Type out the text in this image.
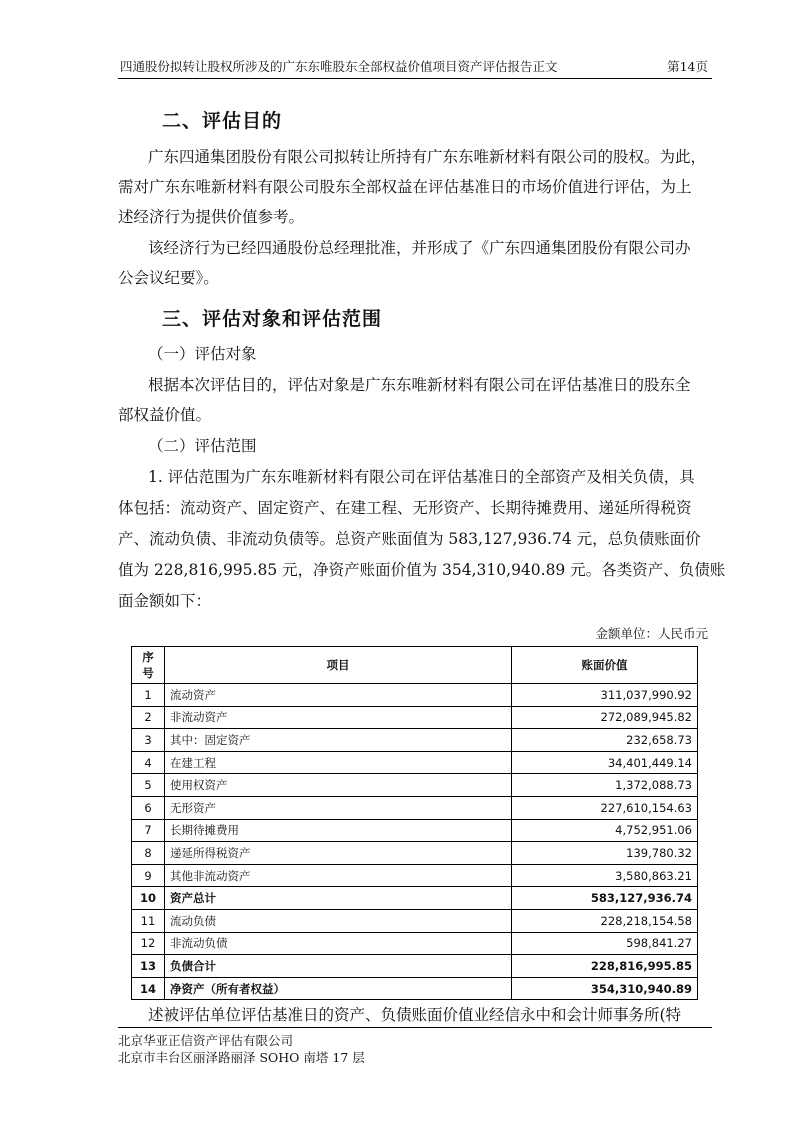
四通股份拟转让股权所涉及的广东东唯股东全部权益价值项目资产评估报告正文	第14页
二、评估目的

广东四通集团股份有限公司拟转让所持有广东东唯新材料有限公司的股权。为此，

需对广东东唯新材料有限公司股东全部权益在评估基准日的市场价值进行评估，为上

述经济行为提供价值参考。

该经济行为已经四通股份总经理批准，并形成了《广东四通集团股份有限公司办

公会议纪要》。

三、评估对象和评估范围

（一）评估对象

根据本次评估目的，评估对象是广东东唯新材料有限公司在评估基准日的股东全

部权益价值。

（二）评估范围

1. 评估范围为广东东唯新材料有限公司在评估基准日的全部资产及相关负债，具

体包括：流动资产、固定资产、在建工程、无形资产、长期待摊费用、递延所得税资

产、流动负债、非流动负债等。总资产账面值为 583,127,936.74 元，总负债账面价

值为 228,816,995.85 元，净资产账面价值为 354,310,940.89 元。各类资产、负债账

面金额如下：

金额单位：人民币元
序号	项目	账面价值
1	流动资产	311,037,990.92
2	非流动资产	272,089,945.82
3	其中：固定资产	232,658.73
4	在建工程	34,401,449.14
5	使用权资产	1,372,088.73
6	无形资产	227,610,154.63
7	长期待摊费用	4,752,951.06
8	递延所得税资产	139,780.32
9	其他非流动资产	3,580,863.21
10	资产总计	583,127,936.74
11	流动负债	228,218,154.58
12	非流动负债	598,841.27
13	负债合计	228,816,995.85
14	净资产（所有者权益）	354,310,940.89

述被评估单位评估基准日的资产、负债账面价值业经信永中和会计师事务所(特

北京华亚正信资产评估有限公司
北京市丰台区丽泽路丽泽 SOHO 南塔 17 层
